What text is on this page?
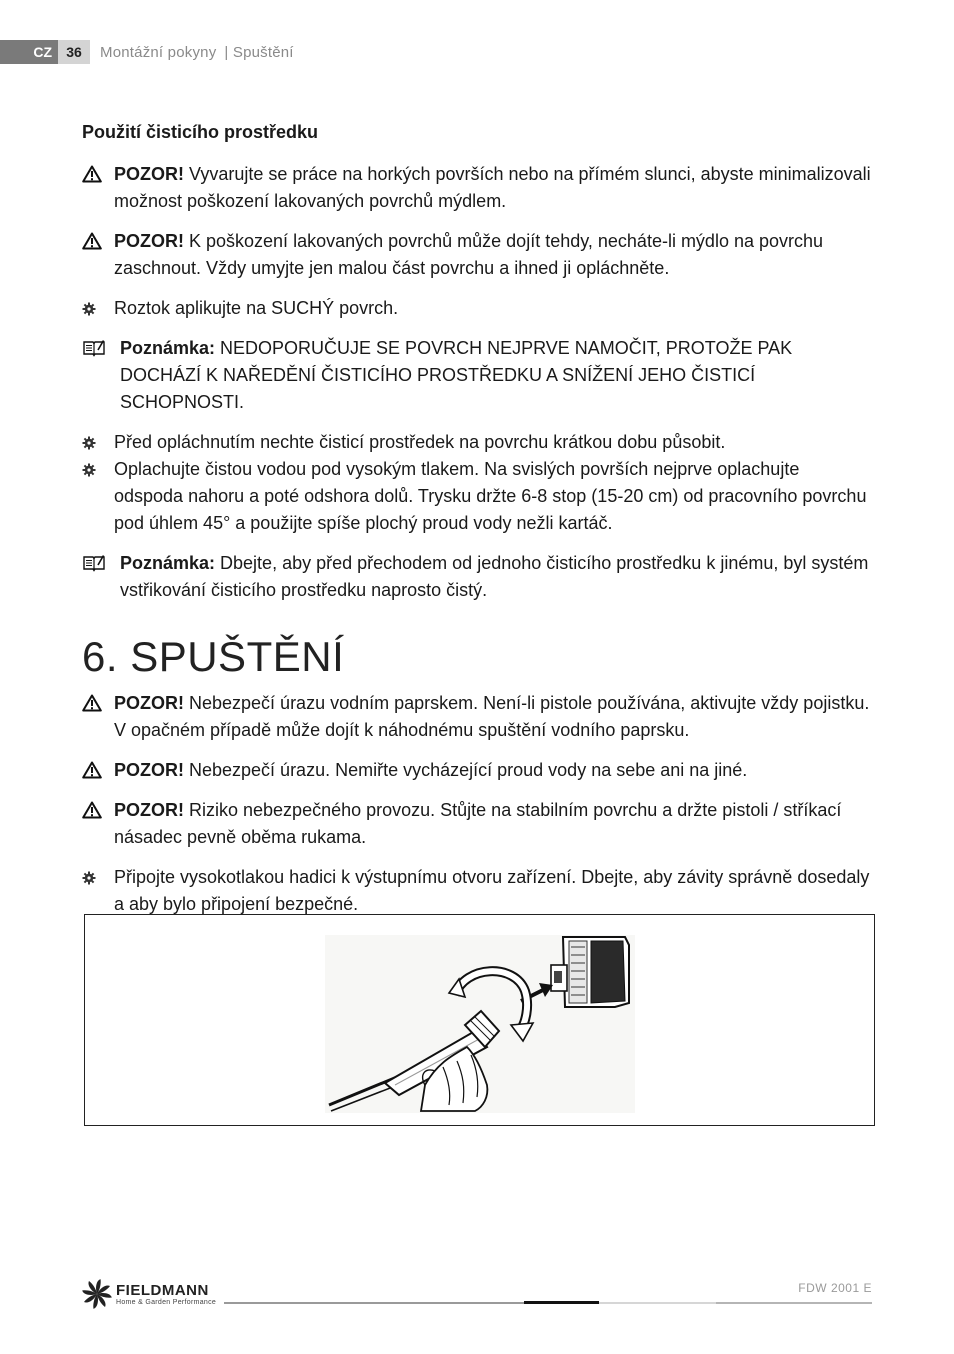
CZ	36	Montážní pokyny | Spuštění
Použití čisticího prostředku
POZOR! Vyvarujte se práce na horkých površích nebo na přímém slunci, abyste minimalizovali možnost poškození lakovaných povrchů mýdlem.
POZOR! K poškození lakovaných povrchů může dojít tehdy, necháte-li mýdlo na povrchu zaschnout. Vždy umyjte jen malou část povrchu a ihned ji opláchněte.
Roztok aplikujte na SUCHÝ povrch.
Poznámka: NEDOPORUČUJE SE POVRCH NEJPRVE NAMOČIT, PROTOŽE PAK DOCHÁZÍ K NAŘEDĚNÍ ČISTICÍHO PROSTŘEDKU A SNÍŽENÍ JEHO ČISTICÍ SCHOPNOSTI.
Před opláchnutím nechte čisticí prostředek na povrchu krátkou dobu působit.
Oplachujte čistou vodou pod vysokým tlakem. Na svislých površích nejprve oplachujte odspoda nahoru a poté odshora dolů. Trysku držte 6-8 stop (15-20 cm) od pracovního povrchu pod úhlem 45° a použijte spíše plochý proud vody nežli kartáč.
Poznámka: Dbejte, aby před přechodem od jednoho čisticího prostředku k jinému, byl systém vstřikování čisticího prostředku naprosto čistý.
6. SPUŠTĚNÍ
POZOR! Nebezpečí úrazu vodním paprskem. Není-li pistole používána, aktivujte vždy pojistku. V opačném případě může dojít k náhodnému spuštění vodního paprsku.
POZOR! Nebezpečí úrazu. Nemiřte vycházející proud vody na sebe ani na jiné.
POZOR! Riziko nebezpečného provozu. Stůjte na stabilním povrchu a držte pistoli / stříkací násadec pevně oběma rukama.
Připojte vysokotlakou hadici k výstupnímu otvoru zařízení. Dbejte, aby závity správně dosedaly a aby bylo připojení bezpečné.
FIELDMANN
Home & Garden Performance
FDW 2001 E
